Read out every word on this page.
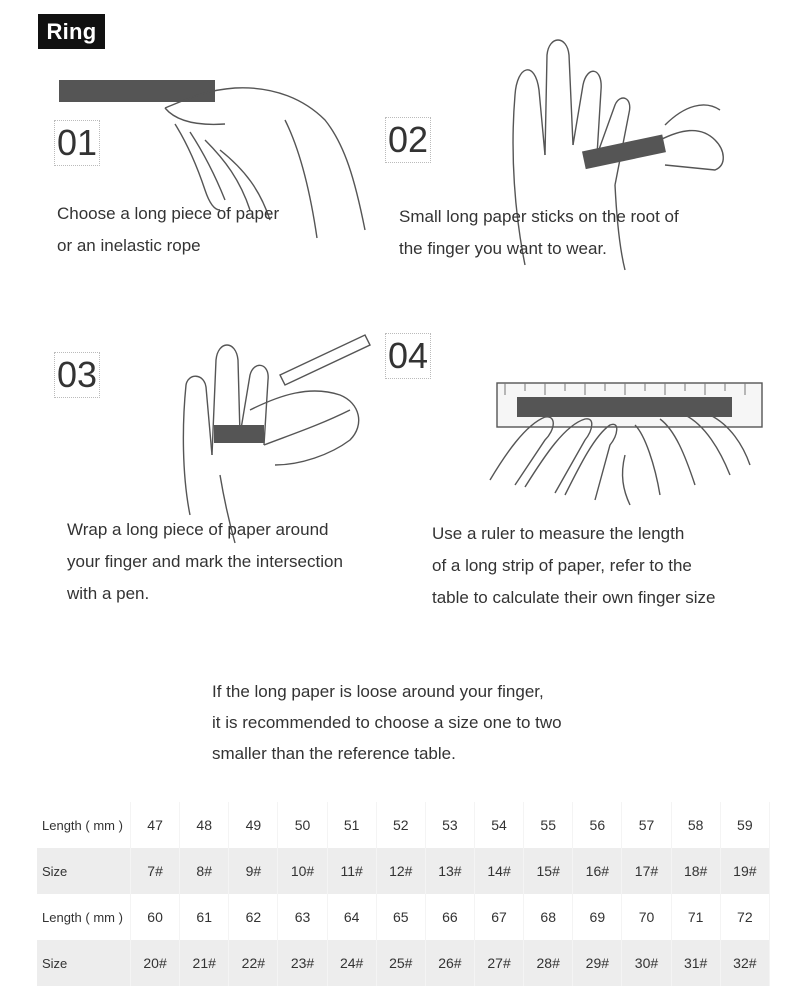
Ring
01	02
03	04
Choose a long piece of paper
or an inelastic rope
Small long paper sticks on the root of
the finger you want to wear.
Wrap a long piece of paper around
your finger and mark the intersection
with a pen.
Use a ruler to measure the length
of a long strip of paper, refer to the
table to calculate their own finger size
If the long paper is loose around your finger,
it is recommended to choose a size one to two
smaller than the reference table.
Length ( mm )	47	48	49	50	51	52	53	54	55	56	57	58	59
Size	7#	8#	9#	10#	11#	12#	13#	14#	15#	16#	17#	18#	19#
Length ( mm )	60	61	62	63	64	65	66	67	68	69	70	71	72
Size	20#	21#	22#	23#	24#	25#	26#	27#	28#	29#	30#	31#	32#
